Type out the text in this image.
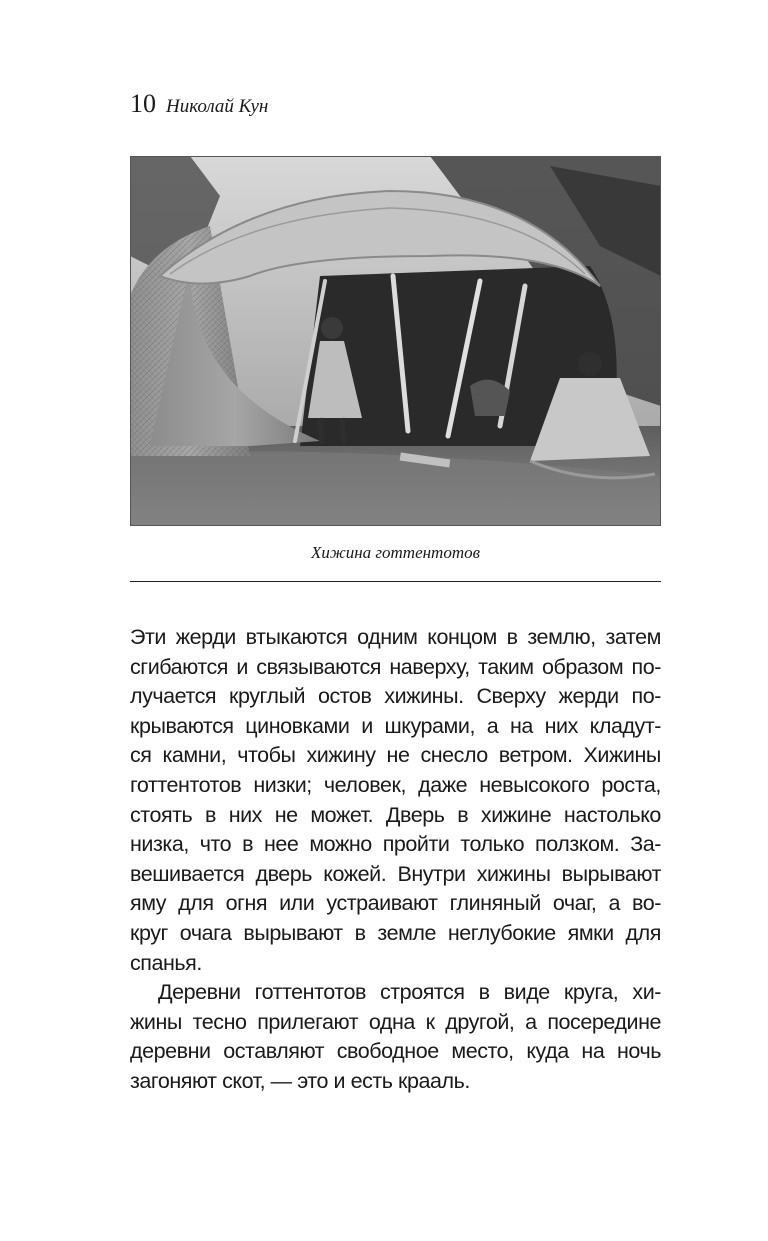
10 Николай Кун
Хижина готтентотов
Эти жерди втыкаются одним концом в землю, затем
сгибаются и связываются наверху, таким образом по-
лучается круглый остов хижины. Сверху жерди по-
крываются циновками и шкурами, а на них кладут-
ся камни, чтобы хижину не снесло ветром. Хижины
готтентотов низки; человек, даже невысокого роста,
стоять в них не может. Дверь в хижине настолько
низка, что в нее можно пройти только ползком. За-
вешивается дверь кожей. Внутри хижины вырывают
яму для огня или устраивают глиняный очаг, а во-
круг очага вырывают в земле неглубокие ямки для
спанья.
Деревни готтентотов строятся в виде круга, хи-
жины тесно прилегают одна к другой, а посередине
деревни оставляют свободное место, куда на ночь
загоняют скот, — это и есть крааль.
